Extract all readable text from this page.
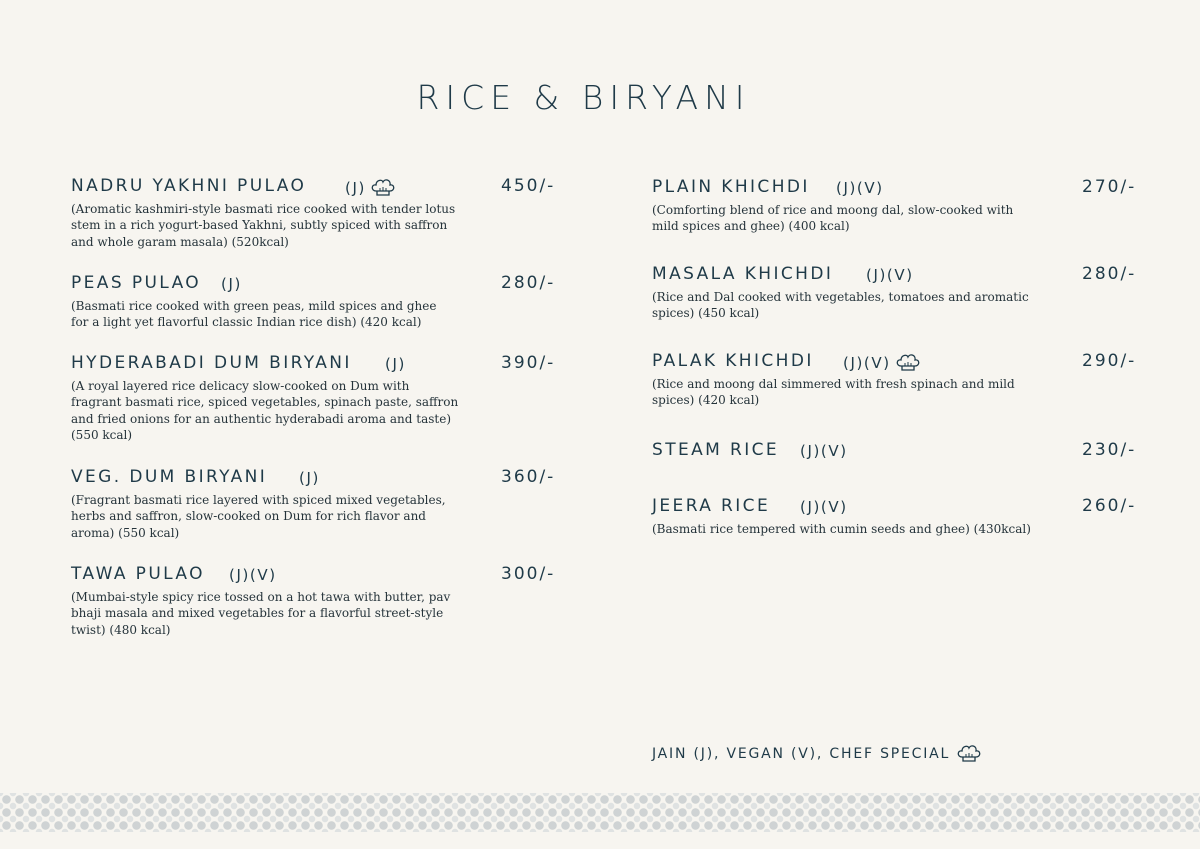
RICE & BIRYANI
NADRU YAKHNI PULAO	(J)	450/-
(Aromatic kashmiri-style basmati rice cooked with tender lotus
stem in a rich yogurt-based Yakhni, subtly spiced with saffron
and whole garam masala) (520kcal)
PEAS PULAO (J)	280/-
(Basmati rice cooked with green peas, mild spices and ghee
for a light yet flavorful classic Indian rice dish) (420 kcal)
HYDERABADI DUM BIRYANI (J)	390/-
(A royal layered rice delicacy slow-cooked on Dum with
fragrant basmati rice, spiced vegetables, spinach paste, saffron
and fried onions for an authentic hyderabadi aroma and taste)
(550 kcal)
VEG. DUM BIRYANI (J)	360/-
(Fragrant basmati rice layered with spiced mixed vegetables,
herbs and saffron, slow-cooked on Dum for rich flavor and
aroma) (550 kcal)
TAWA PULAO (J)(V)	300/-
(Mumbai-style spicy rice tossed on a hot tawa with butter, pav
bhaji masala and mixed vegetables for a flavorful street-style
twist) (480 kcal)
PLAIN KHICHDI (J)(V)	270/-
(Comforting blend of rice and moong dal, slow-cooked with
mild spices and ghee) (400 kcal)
MASALA KHICHDI (J)(V)	280/-
(Rice and Dal cooked with vegetables, tomatoes and aromatic
spices) (450 kcal)
PALAK KHICHDI (J)(V)	290/-
(Rice and moong dal simmered with fresh spinach and mild
spices) (420 kcal)
STEAM RICE (J)(V)	230/-
JEERA RICE (J)(V)	260/-
(Basmati rice tempered with cumin seeds and ghee) (430kcal)
JAIN (J), VEGAN (V), CHEF SPECIAL
